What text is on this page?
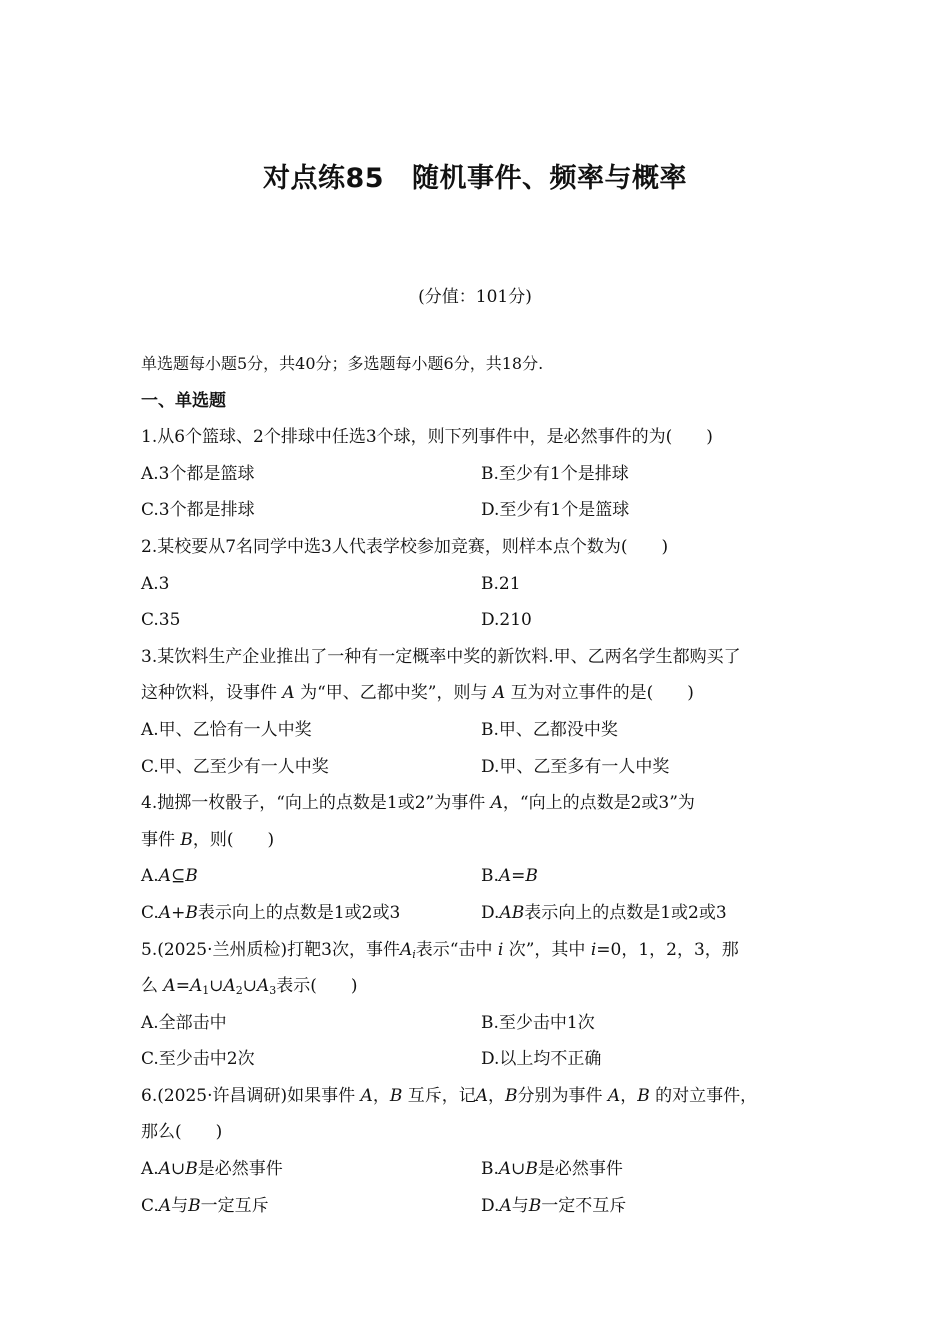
对点练85 随机事件、频率与概率
(分值：101分)
单选题每小题5分，共40分；多选题每小题6分，共18分.
一、单选题
1.从6个篮球、2个排球中任选3个球，则下列事件中，是必然事件的为(　　)
A.3个都是篮球	B.至少有1个是排球
C.3个都是排球	D.至少有1个是篮球
2.某校要从7名同学中选3人代表学校参加竞赛，则样本点个数为(　　)
A.3	B.21
C.35	D.210
3.某饮料生产企业推出了一种有一定概率中奖的新饮料.甲、乙两名学生都购买了
这种饮料，设事件 A 为“甲、乙都中奖”，则与 A 互为对立事件的是(　　)
A.甲、乙恰有一人中奖	B.甲、乙都没中奖
C.甲、乙至少有一人中奖	D.甲、乙至多有一人中奖
4.抛掷一枚骰子，“向上的点数是1或2”为事件 A，“向上的点数是2或3”为
事件 B，则(　　)
A.A⊆B	B.A=B
C.A+B表示向上的点数是1或2或3	D.AB表示向上的点数是1或2或3
5.(2025·兰州质检)打靶3次，事件$A_i$表示“击中 i 次”，其中 i=0，1，2，3，那
么 $A=A_1\cup A_2\cup A_3$表示(　　)
A.全部击中	B.至少击中1次
C.至少击中2次	D.以上均不正确
6.(2025·许昌调研)如果事件 A，B 互斥，记A，B分别为事件 A，B 的对立事件，
那么(　　)
A.A∪B是必然事件	B.A∪B是必然事件
C.A与B一定互斥	D.A与B一定不互斥
